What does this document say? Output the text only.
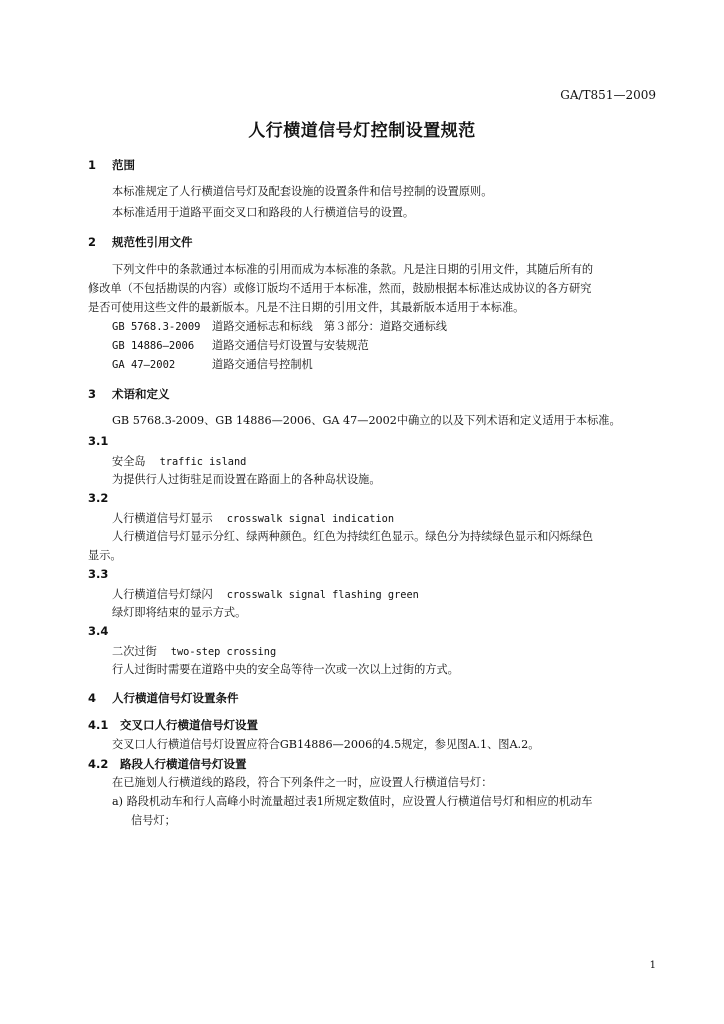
GA/T851—2009
人行横道信号灯控制设置规范
1 范围
本标准规定了人行横道信号灯及配套设施的设置条件和信号控制的设置原则。
本标准适用于道路平面交叉口和路段的人行横道信号的设置。
2 规范性引用文件
下列文件中的条款通过本标准的引用而成为本标准的条款。凡是注日期的引用文件，其随后所有的
修改单（不包括勘误的内容）或修订版均不适用于本标准，然而，鼓励根据本标准达成协议的各方研究
是否可使用这些文件的最新版本。凡是不注日期的引用文件，其最新版本适用于本标准。
GB 5768.3-2009 道路交通标志和标线　第３部分：道路交通标线
GB 14886—2006 道路交通信号灯设置与安装规范
GA 47—2002	道路交通信号控制机
3 术语和定义
GB 5768.3-2009、GB 14886—2006、GA 47—2002中确立的以及下列术语和定义适用于本标准。
3.1
安全岛 traffic island
为提供行人过街驻足而设置在路面上的各种岛状设施。
3.2
人行横道信号灯显示 crosswalk signal indication
人行横道信号灯显示分红、绿两种颜色。红色为持续红色显示。绿色分为持续绿色显示和闪烁绿色
显示。
3.3
人行横道信号灯绿闪 crosswalk signal flashing green
绿灯即将结束的显示方式。
3.4
二次过街 two-step crossing
行人过街时需要在道路中央的安全岛等待一次或一次以上过街的方式。
4 人行横道信号灯设置条件
4.1 交叉口人行横道信号灯设置
交叉口人行横道信号灯设置应符合GB14886—2006的4.5规定，参见图A.1、图A.2。
4.2 路段人行横道信号灯设置
在已施划人行横道线的路段，符合下列条件之一时，应设置人行横道信号灯：
a) 路段机动车和行人高峰小时流量超过表1所规定数值时，应设置人行横道信号灯和相应的机动车
信号灯；
1
